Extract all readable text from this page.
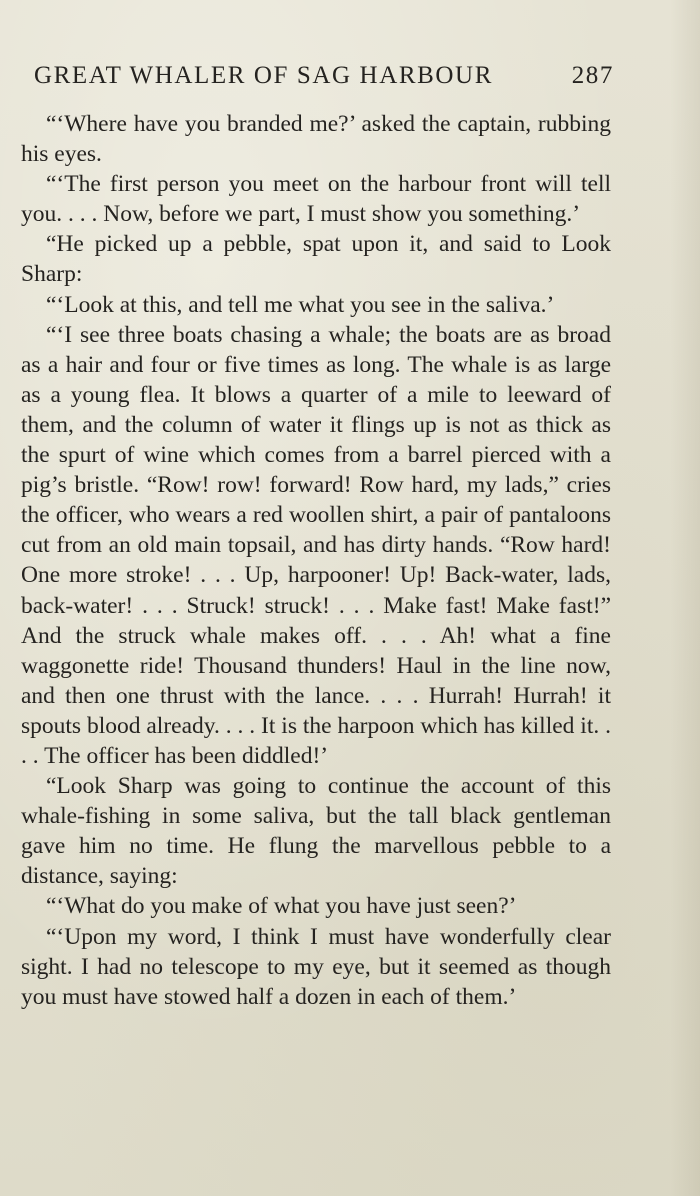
GREAT WHALER OF SAG HARBOUR	287

“‘Where have you branded me?’ asked the captain, rubbing his eyes.

“‘The first person you meet on the harbour front will tell you. . . . Now, before we part, I must show you something.’

“He picked up a pebble, spat upon it, and said to Look Sharp:

“‘Look at this, and tell me what you see in the saliva.’

“‘I see three boats chasing a whale; the boats are as broad as a hair and four or five times as long. The whale is as large as a young flea. It blows a quarter of a mile to leeward of them, and the column of water it flings up is not as thick as the spurt of wine which comes from a barrel pierced with a pig’s bristle. “Row! row! forward! Row hard, my lads,” cries the officer, who wears a red woollen shirt, a pair of pantaloons cut from an old main topsail, and has dirty hands. “Row hard! One more stroke! . . . Up, harpooner! Up! Back-water, lads, back-water! . . . Struck! struck! . . . Make fast! Make fast!” And the struck whale makes off. . . . Ah! what a fine waggonette ride! Thousand thunders! Haul in the line now, and then one thrust with the lance. . . . Hurrah! Hurrah! it spouts blood already. . . . It is the harpoon which has killed it. . . . The officer has been diddled!’

“Look Sharp was going to continue the account of this whale-fishing in some saliva, but the tall black gentleman gave him no time. He flung the marvellous pebble to a distance, saying:

“‘What do you make of what you have just seen?’

“‘Upon my word, I think I must have wonderfully clear sight. I had no telescope to my eye, but it seemed as though you must have stowed half a dozen in each of them.’
